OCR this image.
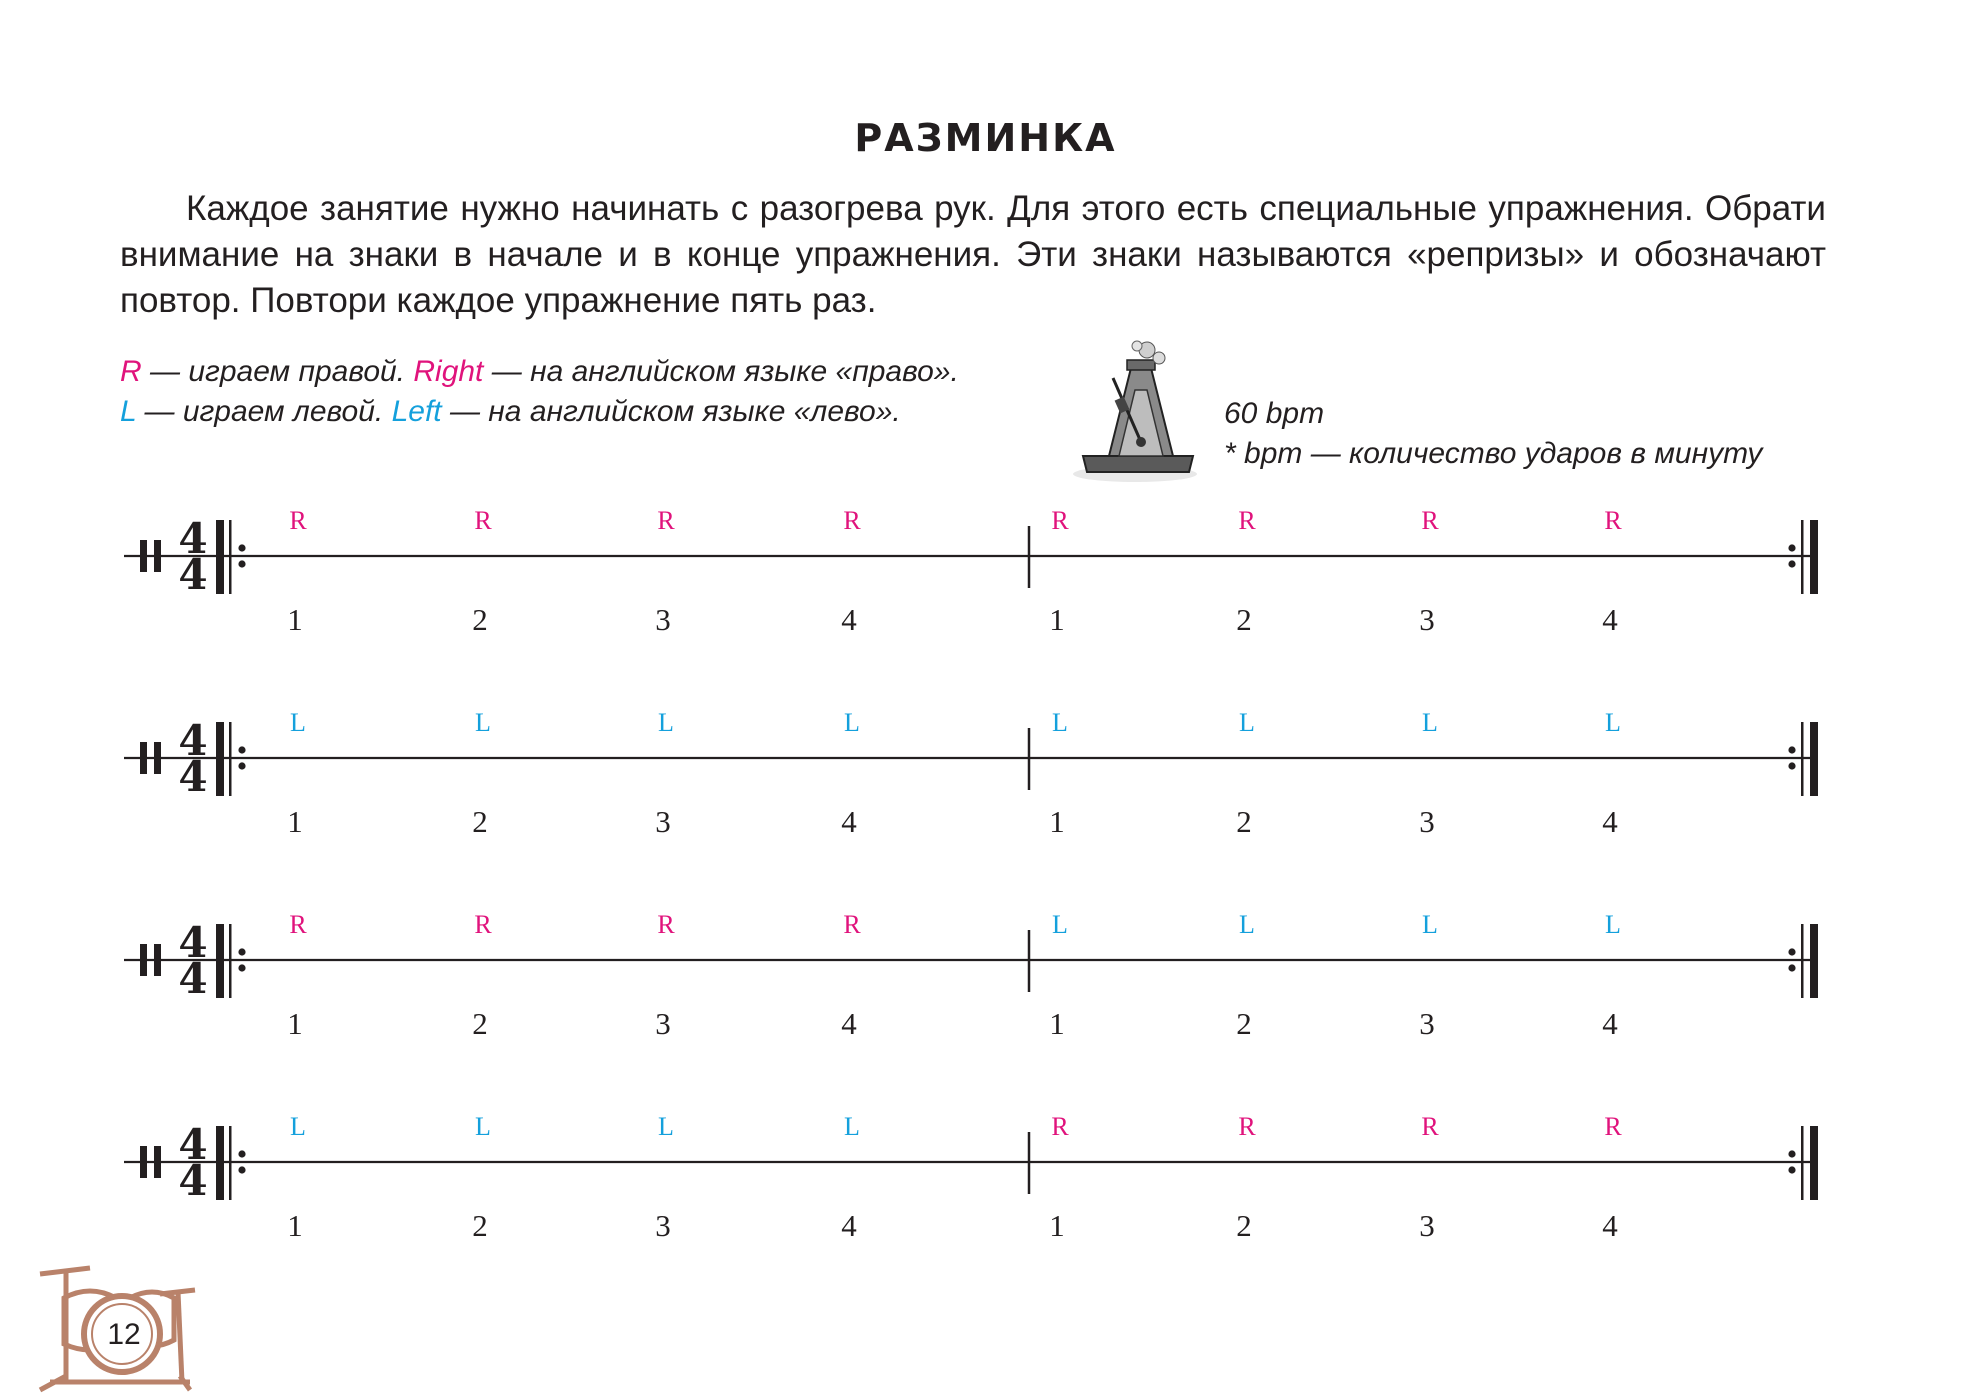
РАЗМИНКА

Каждое занятие нужно начинать с разогрева рук. Для этого есть специальные упражнения. Обрати внимание на знаки в начале и в конце упражнения. Эти знаки называются «репризы» и обозначают повтор. Повтори каждое упражнение пять раз.

R — играем правой. Right — на английском языке «право».
L — играем левой. Left — на английском языке «лево».	60 bpm
* bpm — количество ударов в минуту
4
4
R	R	R	R	R	R	R	R
1	2	3	4	1	2	3	4
4
4
L	L	L	L	L	L	L	L
1	2	3	4	1	2	3	4
4
4
R	R	R	R	L	L	L	L
1	2	3	4	1	2	3	4
4
4
L	L	L	L	R	R	R	R
1	2	3	4	1	2	3	4
12
